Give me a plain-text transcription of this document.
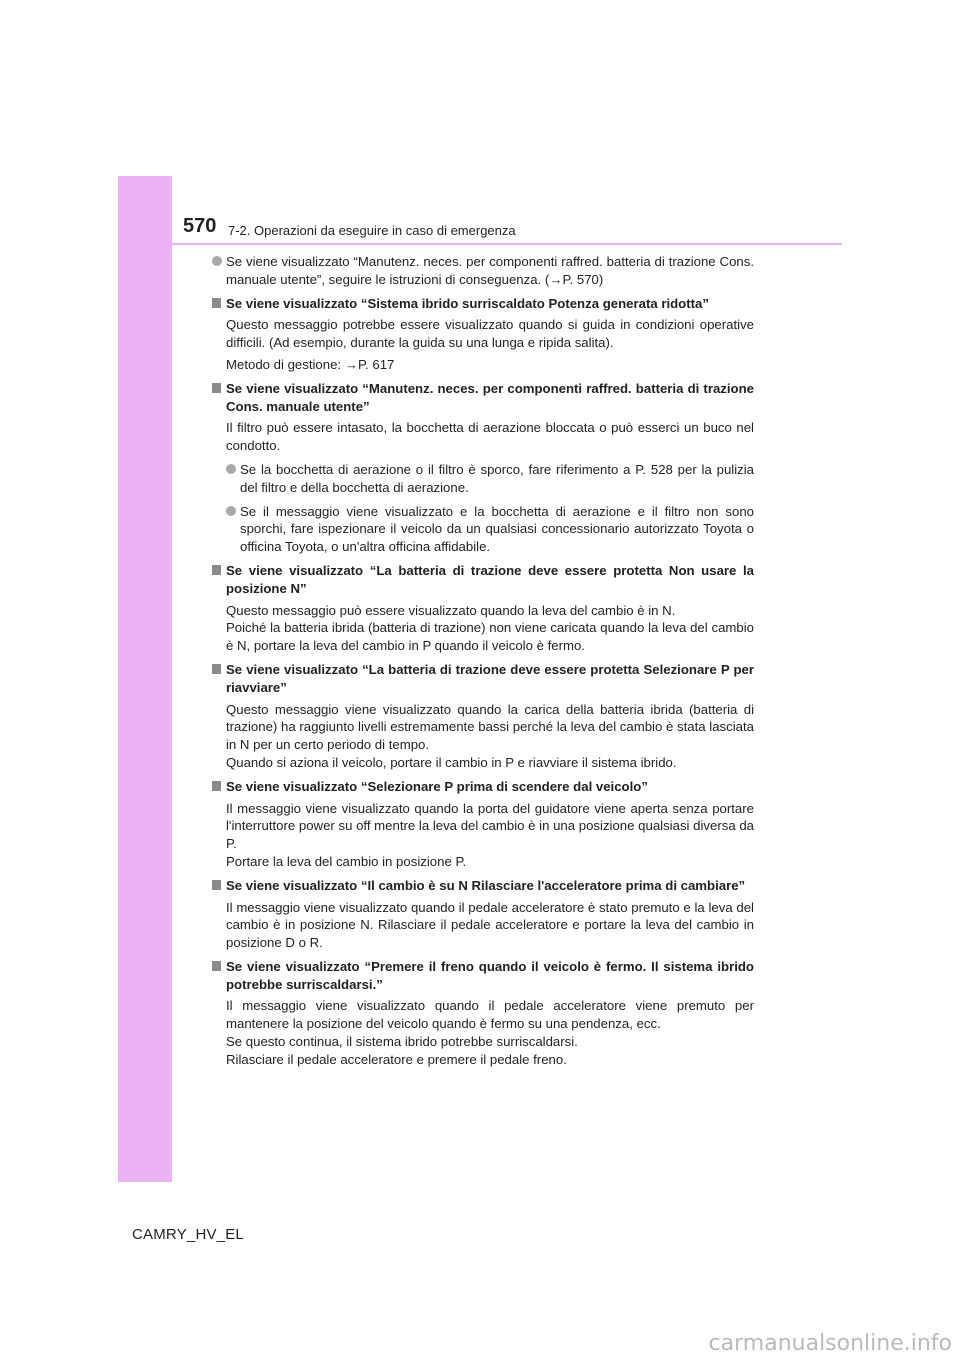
570 7-2. Operazioni da eseguire in caso di emergenza
Se viene visualizzato “Manutenz. neces. per componenti raffred. batteria di trazione Cons. manuale utente”, seguire le istruzioni di conseguenza. (→P. 570)
Se viene visualizzato “Sistema ibrido surriscaldato Potenza generata ridotta”
Questo messaggio potrebbe essere visualizzato quando si guida in condizioni operative difficili. (Ad esempio, durante la guida su una lunga e ripida salita).
Metodo di gestione: →P. 617
Se viene visualizzato “Manutenz. neces. per componenti raffred. batteria di trazione Cons. manuale utente”
Il filtro può essere intasato, la bocchetta di aerazione bloccata o può esserci un buco nel condotto.
Se la bocchetta di aerazione o il filtro è sporco, fare riferimento a P. 528 per la pulizia del filtro e della bocchetta di aerazione.
Se il messaggio viene visualizzato e la bocchetta di aerazione e il filtro non sono sporchi, fare ispezionare il veicolo da un qualsiasi concessionario autorizzato Toyota o officina Toyota, o un'altra officina affidabile.
Se viene visualizzato “La batteria di trazione deve essere protetta Non usare la posizione N”
Questo messaggio può essere visualizzato quando la leva del cambio è in N.
Poiché la batteria ibrida (batteria di trazione) non viene caricata quando la leva del cambio è N, portare la leva del cambio in P quando il veicolo è fermo.
Se viene visualizzato “La batteria di trazione deve essere protetta Selezionare P per riavviare”
Questo messaggio viene visualizzato quando la carica della batteria ibrida (batteria di trazione) ha raggiunto livelli estremamente bassi perché la leva del cambio è stata lasciata in N per un certo periodo di tempo.
Quando si aziona il veicolo, portare il cambio in P e riavviare il sistema ibrido.
Se viene visualizzato “Selezionare P prima di scendere dal veicolo”
Il messaggio viene visualizzato quando la porta del guidatore viene aperta senza portare l'interruttore power su off mentre la leva del cambio è in una posizione qualsiasi diversa da P.
Portare la leva del cambio in posizione P.
Se viene visualizzato “Il cambio è su N Rilasciare l'acceleratore prima di cambiare”
Il messaggio viene visualizzato quando il pedale acceleratore è stato premuto e la leva del cambio è in posizione N. Rilasciare il pedale acceleratore e portare la leva del cambio in posizione D o R.
Se viene visualizzato “Premere il freno quando il veicolo è fermo. Il sistema ibrido potrebbe surriscaldarsi.”
Il messaggio viene visualizzato quando il pedale acceleratore viene premuto per mantenere la posizione del veicolo quando è fermo su una pendenza, ecc.
Se questo continua, il sistema ibrido potrebbe surriscaldarsi.
Rilasciare il pedale acceleratore e premere il pedale freno.
CAMRY_HV_EL
carmanualsonline.info
